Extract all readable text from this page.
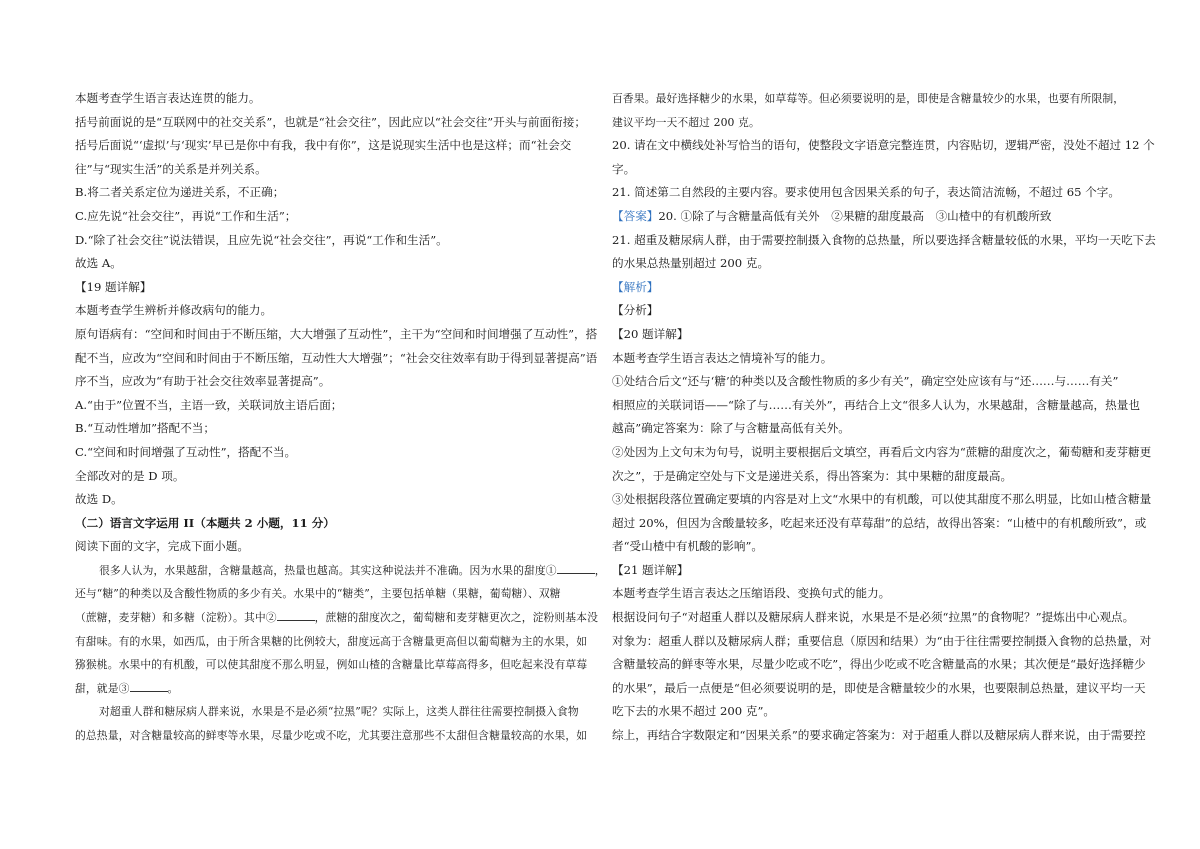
本题考查学生语言表达连贯的能力。
括号前面说的是“互联网中的社交关系”，也就是“社会交往”，因此应以“社会交往”开头与前面衔接；
括号后面说“‘虚拟’与‘现实’早已是你中有我，我中有你”，这是说现实生活中也是这样；而“社会交
往”与“现实生活”的关系是并列关系。
B.将二者关系定位为递进关系，不正确；
C.应先说“社会交往”，再说“工作和生活”；
D.“除了社会交往”说法错误，且应先说“社会交往”，再说“工作和生活”。
故选 A。
【19 题详解】
本题考查学生辨析并修改病句的能力。
原句语病有：“空间和时间由于不断压缩，大大增强了互动性”，主干为“空间和时间增强了互动性”，搭
配不当，应改为“空间和时间由于不断压缩，互动性大大增强”；“社会交往效率有助于得到显著提高”语
序不当，应改为“有助于社会交往效率显著提高”。
A.“由于”位置不当，主语一致，关联词放主语后面；
B.“互动性增加”搭配不当；
C.“空间和时间增强了互动性”，搭配不当。
全部改对的是 D 项。
故选 D。
（二）语言文字运用 II（本题共 2 小题，11 分）
阅读下面的文字，完成下面小题。
很多人认为，水果越甜，含糖量越高，热量也越高。其实这种说法并不准确。因为水果的甜度①	，
还与“糖”的种类以及含酸性物质的多少有关。水果中的“糖类”，主要包括单糖（果糖，葡萄糖）、双糖
（蔗糖，麦芽糖）和多糖（淀粉）。其中②	，蔗糖的甜度次之，葡萄糖和麦芽糖更次之，淀粉则基本没
有甜味。有的水果，如西瓜，由于所含果糖的比例较大，甜度远高于含糖量更高但以葡萄糖为主的水果，如
猕猴桃。水果中的有机酸，可以使其甜度不那么明显，例如山楂的含糖量比草莓高得多，但吃起来没有草莓
甜，就是③	。
对超重人群和糖尿病人群来说，水果是不是必须“拉黑”呢？实际上，这类人群往往需要控制摄入食物
的总热量，对含糖量较高的鲜枣等水果，尽量少吃或不吃，尤其要注意那些不太甜但含糖量较高的水果，如
百香果。最好选择糖少的水果，如草莓等。但必须要说明的是，即使是含糖量较少的水果，也要有所限制，
建议平均一天不超过 200 克。
20. 请在文中横线处补写恰当的语句，使整段文字语意完整连贯，内容贴切，逻辑严密，没处不超过 12 个
字。
21. 简述第二自然段的主要内容。要求使用包含因果关系的句子，表达简洁流畅，不超过 65 个字。
【答案】20. ①除了与含糖量高低有关外　②果糖的甜度最高　③山楂中的有机酸所致
21. 超重及糖尿病人群，由于需要控制摄入食物的总热量，所以要选择含糖量较低的水果，平均一天吃下去
的水果总热量别超过 200 克。
【解析】
【分析】
【20 题详解】
本题考查学生语言表达之情境补写的能力。
①处结合后文“还与‘糖’的种类以及含酸性物质的多少有关”，确定空处应该有与“还……与……有关”
相照应的关联词语——“除了与……有关外”，再结合上文“很多人认为，水果越甜，含糖量越高，热量也
越高”确定答案为：除了与含糖量高低有关外。
②处因为上文句末为句号，说明主要根据后文填空，再看后文内容为“蔗糖的甜度次之，葡萄糖和麦芽糖更
次之”，于是确定空处与下文是递进关系，得出答案为：其中果糖的甜度最高。
③处根据段落位置确定要填的内容是对上文“水果中的有机酸，可以使其甜度不那么明显，比如山楂含糖量
超过 20%，但因为含酸量较多，吃起来还没有草莓甜”的总结，故得出答案：“山楂中的有机酸所致”，或
者“受山楂中有机酸的影响”。
【21 题详解】
本题考查学生语言表达之压缩语段、变换句式的能力。
根据设问句子“对超重人群以及糖尿病人群来说，水果是不是必须“拉黑”的食物呢？”提炼出中心观点。
对象为：超重人群以及糖尿病人群；重要信息（原因和结果）为“由于往往需要控制摄入食物的总热量，对
含糖量较高的鲜枣等水果，尽量少吃或不吃”，得出少吃或不吃含糖量高的水果；其次便是“最好选择糖少
的水果”，最后一点便是“但必须要说明的是，即使是含糖量较少的水果，也要限制总热量，建议平均一天
吃下去的水果不超过 200 克”。
综上，再结合字数限定和“因果关系”的要求确定答案为：对于超重人群以及糖尿病人群来说，由于需要控
